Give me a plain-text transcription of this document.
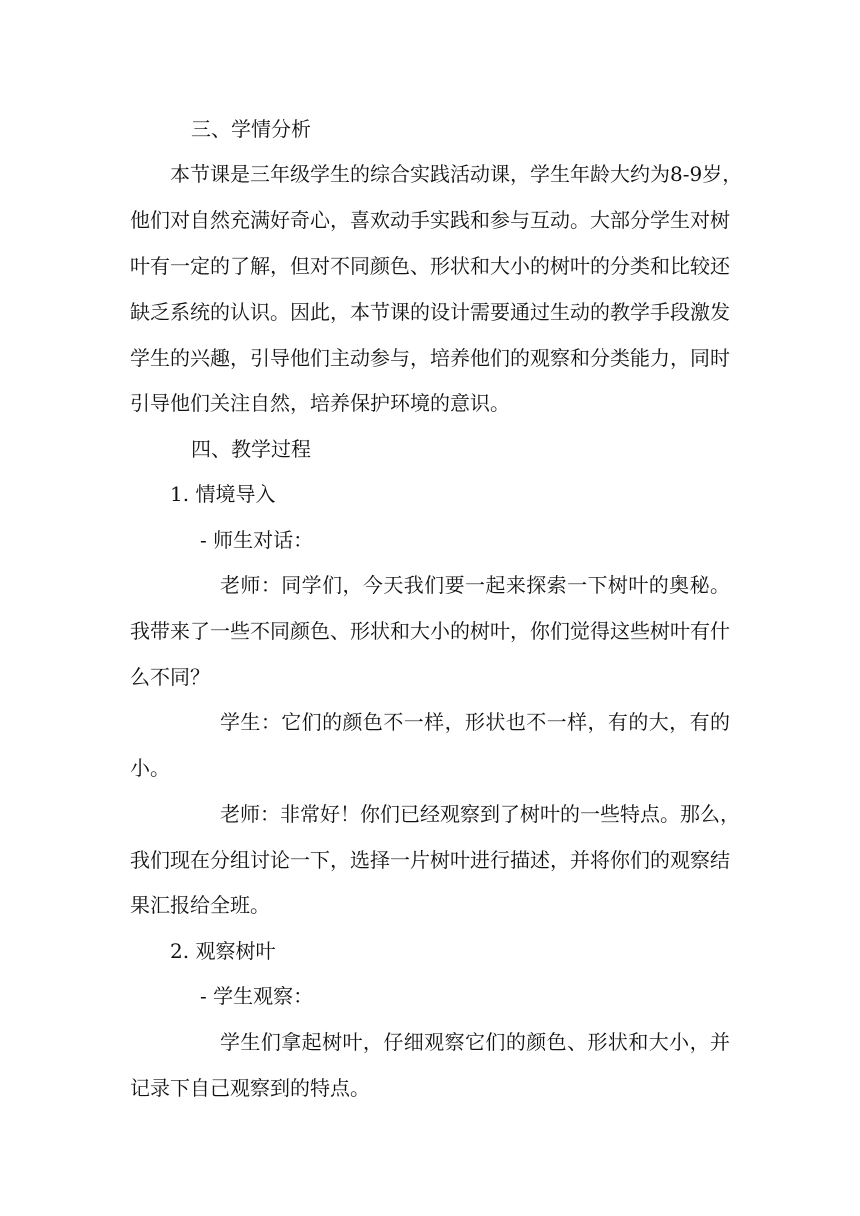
三、学情分析
本节课是三年级学生的综合实践活动课，学生年龄大约为8-9岁，
他们对自然充满好奇心，喜欢动手实践和参与互动。大部分学生对树
叶有一定的了解，但对不同颜色、形状和大小的树叶的分类和比较还
缺乏系统的认识。因此，本节课的设计需要通过生动的教学手段激发
学生的兴趣，引导他们主动参与，培养他们的观察和分类能力，同时
引导他们关注自然，培养保护环境的意识。
四、教学过程
1. 情境导入
- 师生对话：
老师：同学们，今天我们要一起来探索一下树叶的奥秘。
我带来了一些不同颜色、形状和大小的树叶，你们觉得这些树叶有什
么不同？
学生：它们的颜色不一样，形状也不一样，有的大，有的
小。
老师：非常好！你们已经观察到了树叶的一些特点。那么，
我们现在分组讨论一下，选择一片树叶进行描述，并将你们的观察结
果汇报给全班。
2. 观察树叶
- 学生观察：
学生们拿起树叶，仔细观察它们的颜色、形状和大小，并
记录下自己观察到的特点。
